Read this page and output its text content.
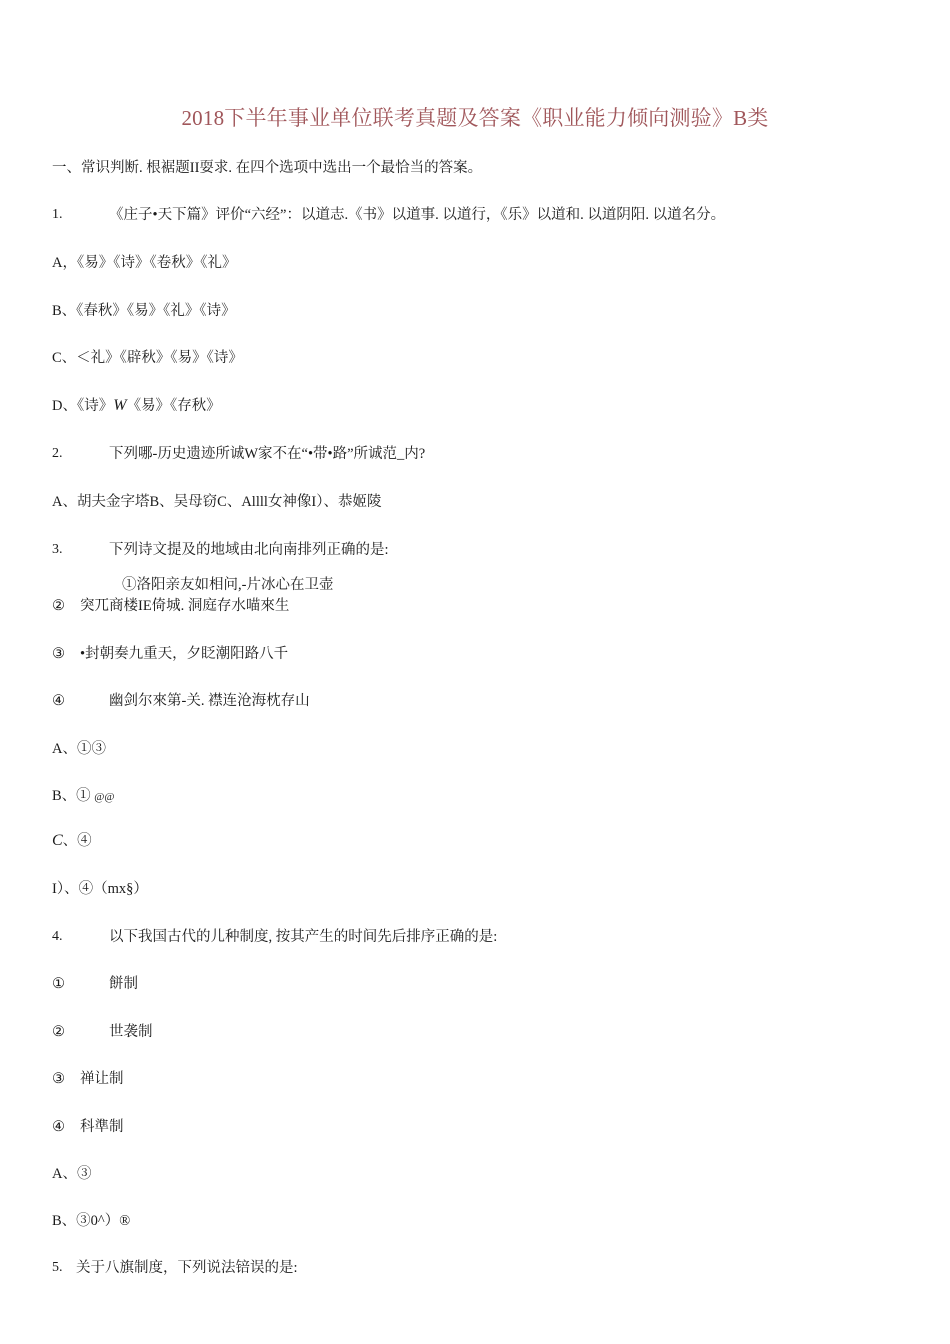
2018下半年事业单位联考真题及答案《职业能力倾向测验》B类
一、常识判断. 根裾题II耍求. 在四个选项中选出一个最恰当的答案。
1.	《庄子•天下篇》评价“六经”：以道志.《书》以道事. 以道行，《乐》以道和. 以道阴阳. 以道名分。
A，《易》《诗》《卷秋》《礼》
B、《春秋》《易》《礼》《诗》
C、＜礼》《辟秋》《易》《诗》
D、《诗》W《易》《存秋》
2.	下列哪-历史遗迹所诚W家不在“•带•路”所诚范_内?
A、胡夫金字塔B、吴母窃C、Allll女神像I）、恭姬陵
3.	下列诗文提及的地域由北向南排列正确的是:
①洛阳亲友如相问,-片冰心在卫壶
② 突兀商楼IE倚城. 洞庭存水喵來生
③ •封朝奏九重天，夕眨潮阳路八千
④	幽剑尔來第-关. 襟连沧海枕存山
A、①③
B、① @@
C、④
I）、④（mx§）
4.	以下我国古代的儿种制度, 按其产生的时间先后排序正确的是:
①	餅制
②	世袭制
③ 禅让制
④ 科準制
A、③
B、③0^）®
5. 关于八旗制度，下列说法锫误的是:
